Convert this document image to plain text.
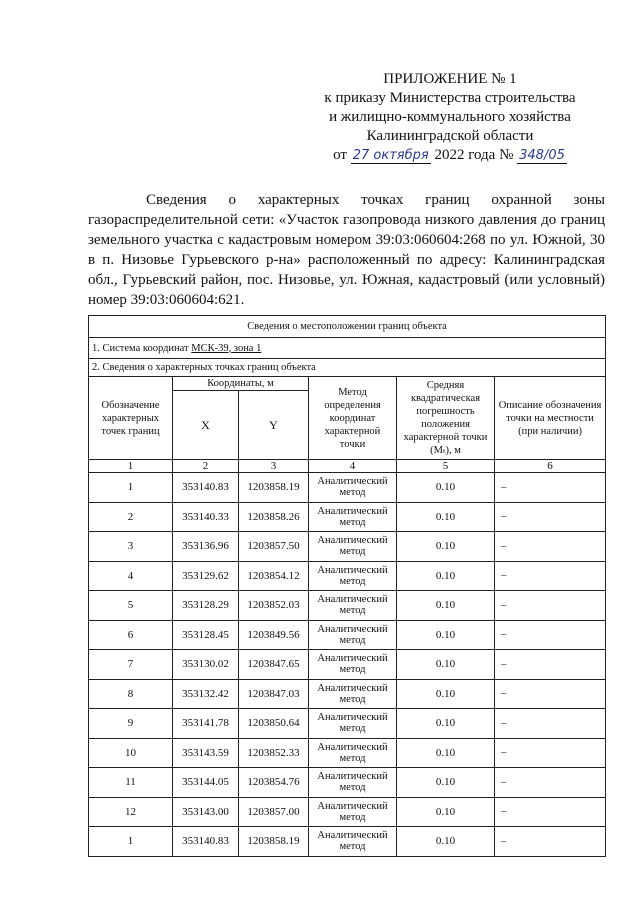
ПРИЛОЖЕНИЕ № 1
к приказу Министерства строительства
и жилищно-коммунального хозяйства
Калининградской области
от 27 октября 2022 года № 348/05
Сведения о характерных точках границ охранной зоны газораспределительной сети: «Участок газопровода низкого давления до границ земельного участка с кадастровым номером 39:03:060604:268 по ул. Южной, 30 в п. Низовье Гурьевского р-на» расположенный по адресу: Калининградская обл., Гурьевский район, пос. Низовье, ул. Южная, кадастровый (или условный) номер 39:03:060604:621.
Сведения о местоположении границ объекта					
1. Система координат МСК-39, зона 1					
2. Сведения о характерных точках границ объекта					
Обозначение характерных точек границ	Координаты, м		Метод определения координат характерной точки	Средняя квадратическая погрешность положения характерной точки (Mₜ), м	Описание обозначения точки на местности (при наличии)
	X	Y			
1	2	3	4	5	6
1	353140.83	1203858.19	Аналитический метод	0.10	–
2	353140.33	1203858.26	Аналитический метод	0.10	–
3	353136.96	1203857.50	Аналитический метод	0.10	–
4	353129.62	1203854.12	Аналитический метод	0.10	–
5	353128.29	1203852.03	Аналитический метод	0.10	–
6	353128.45	1203849.56	Аналитический метод	0.10	–
7	353130.02	1203847.65	Аналитический метод	0.10	–
8	353132.42	1203847.03	Аналитический метод	0.10	–
9	353141.78	1203850.64	Аналитический метод	0.10	–
10	353143.59	1203852.33	Аналитический метод	0.10	–
11	353144.05	1203854.76	Аналитический метод	0.10	–
12	353143.00	1203857.00	Аналитический метод	0.10	–
1	353140.83	1203858.19	Аналитический метод	0.10	–
